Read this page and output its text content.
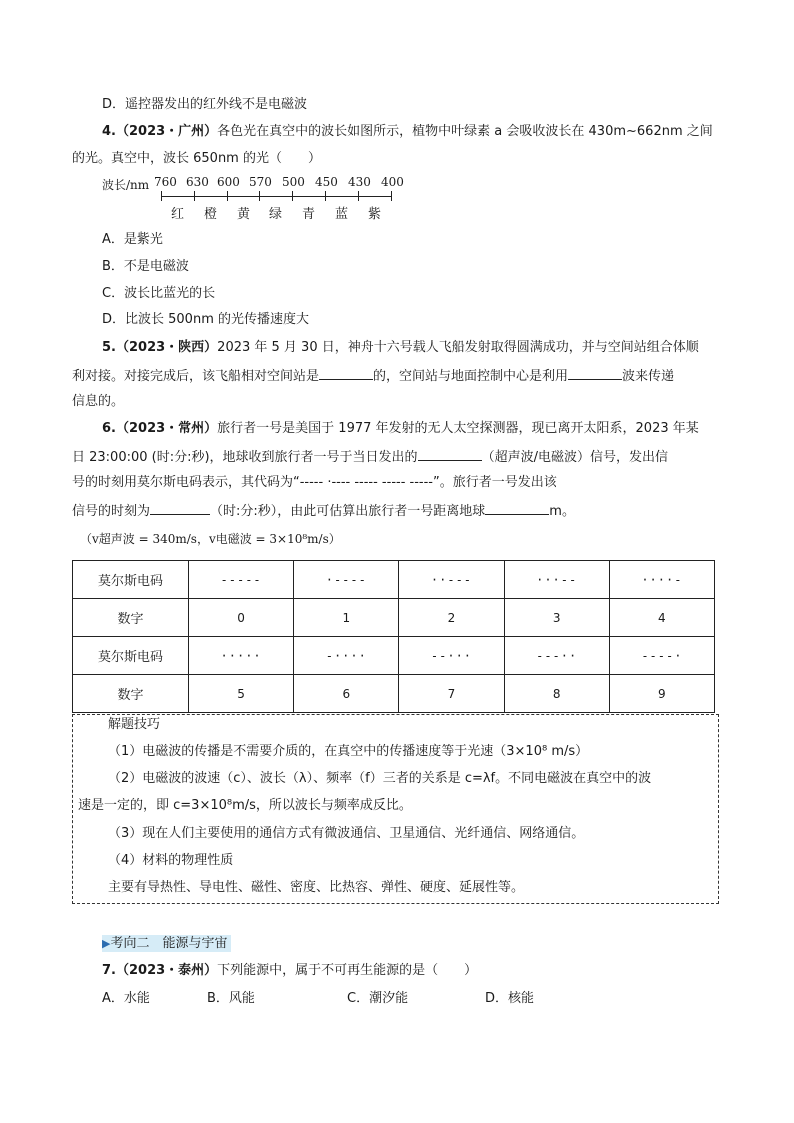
D．遥控器发出的红外线不是电磁波
4.（2023・广州）各色光在真空中的波长如图所示，植物中叶绿素 a 会吸收波长在 430m~662nm 之间
的光。真空中，波长 650nm 的光（　　）
波长/nm 760 630 600 570 500 450 430 400
红 橙 黄 绿 青 蓝 紫
A．是紫光
B．不是电磁波
C．波长比蓝光的长
D．比波长 500nm 的光传播速度大
5.（2023・陕西）2023 年 5 月 30 日，神舟十六号载人飞船发射取得圆满成功，并与空间站组合体顺
利对接。对接完成后，该飞船相对空间站是	的，空间站与地面控制中心是利用	波来传递
信息的。
6.（2023・常州）旅行者一号是美国于 1977 年发射的无人太空探测器，现已离开太阳系，2023 年某
日 23:00:00 (时:分:秒)，地球收到旅行者一号于当日发出的	（超声波/电磁波）信号，发出信
号的时刻用莫尔斯电码表示，其代码为“----- ·---- ----- ----- -----”。旅行者一号发出该
信号的时刻为	（时:分:秒），由此可估算出旅行者一号距离地球	m。
（v超声波 = 340m/s，v电磁波 = 3×10⁸m/s）
莫尔斯电码	-----	·----	··---	···--	····-
数字	0	1	2	3	4
莫尔斯电码	·····	-····	--···	---··	----·
数字	5	6	7	8	9
解题技巧
（1）电磁波的传播是不需要介质的，在真空中的传播速度等于光速（3×10⁸ m/s）
（2）电磁波的波速（c）、波长（λ）、频率（f）三者的关系是 c=λf。不同电磁波在真空中的波
速是一定的，即 c=3×10⁸m/s，所以波长与频率成反比。
（3）现在人们主要使用的通信方式有微波通信、卫星通信、光纤通信、网络通信。
（4）材料的物理性质
主要有导热性、导电性、磁性、密度、比热容、弹性、硬度、延展性等。
▶考向二　能源与宇宙
7.（2023・泰州）下列能源中，属于不可再生能源的是（　　）
A．水能	B．风能	C．潮汐能	D．核能
